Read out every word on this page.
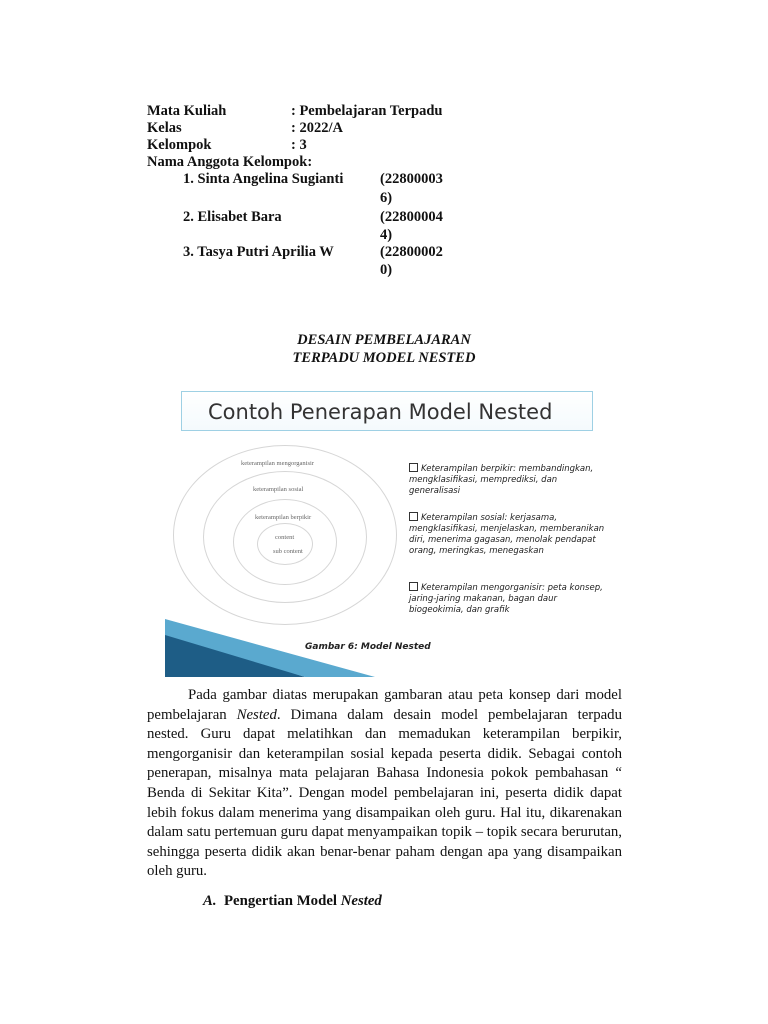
Mata Kuliah	: Pembelajaran Terpadu
Kelas	: 2022/A
Kelompok	: 3
Nama Anggota Kelompok:
1. Sinta Angelina Sugianti	(22800003
6)
2. Elisabet Bara	(22800004
4)
3. Tasya Putri Aprilia W	(22800002
0)
DESAIN PEMBELAJARAN
TERPADU MODEL NESTED
Contoh Penerapan Model Nested
keterampilan mengorganisir
keterampilan sosial
keterampilan berpikir
content
sub content
Keterampilan berpikir: membandingkan, mengklasifikasi, memprediksi, dan generalisasi
Keterampilan sosial: kerjasama, mengklasifikasi, menjelaskan, memberanikan diri, menerima gagasan, menolak pendapat orang, meringkas, menegaskan
Keterampilan mengorganisir: peta konsep, jaring-jaring makanan, bagan daur biogeokimia, dan grafik
Gambar 6: Model Nested
Pada gambar diatas merupakan gambaran atau peta konsep dari model pembelajaran Nested. Dimana dalam desain model pembelajaran terpadu nested. Guru dapat melatihkan dan memadukan keterampilan berpikir, mengorganisir dan keterampilan sosial kepada peserta didik. Sebagai contoh penerapan, misalnya mata pelajaran Bahasa Indonesia pokok pembahasan “ Benda di Sekitar Kita”. Dengan model pembelajaran ini, peserta didik dapat lebih fokus dalam menerima yang disampaikan oleh guru. Hal itu, dikarenakan dalam satu pertemuan guru dapat menyampaikan topik – topik secara berurutan, sehingga peserta didik akan benar-benar paham dengan apa yang disampaikan oleh guru.
A. Pengertian Model Nested
